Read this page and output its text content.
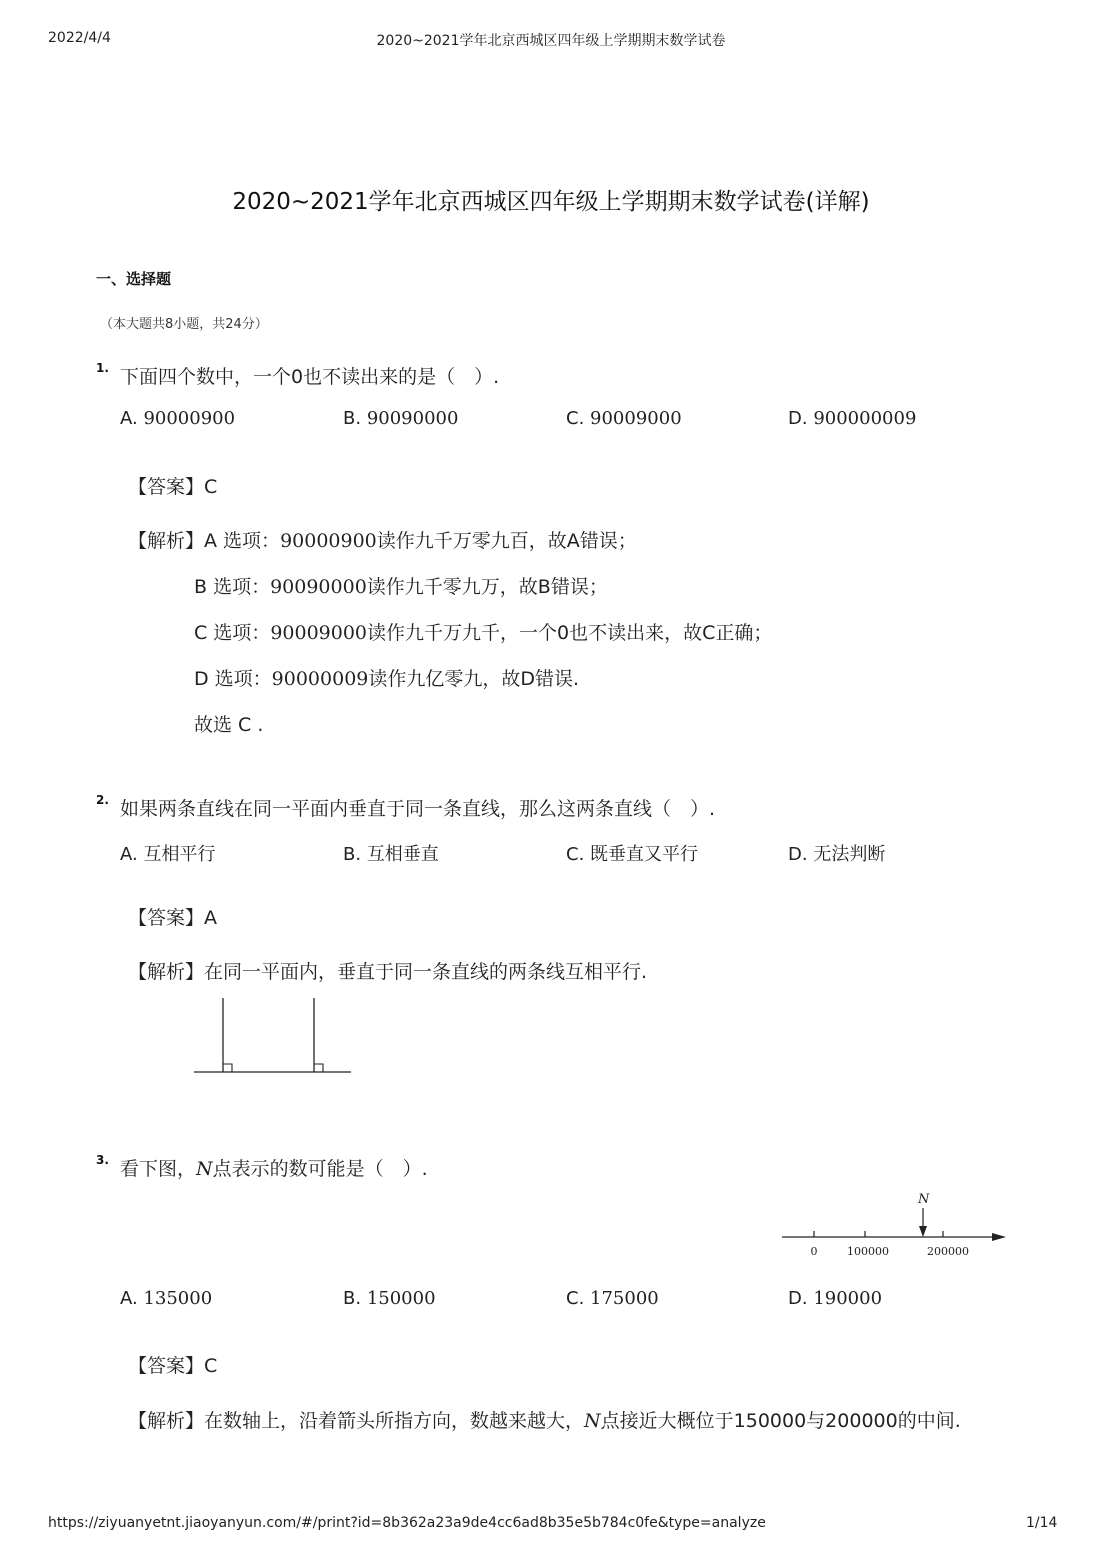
2022/4/4	2020~2021学年北京西城区四年级上学期期末数学试卷
2020~2021学年北京西城区四年级上学期期末数学试卷(详解)
一、选择题
（本大题共8小题，共24分）
1. 下面四个数中，一个0也不读出来的是（　）.
A. 90000900	B. 90090000	C. 90009000	D. 900000009
【答案】C
【解析】A 选项：90000900读作九千万零九百，故A错误；
B 选项：90090000读作九千零九万，故B错误；
C 选项：90009000读作九千万九千，一个0也不读出来，故C正确；
D 选项：90000009读作九亿零九，故D错误.
故选 C .
2. 如果两条直线在同一平面内垂直于同一条直线，那么这两条直线（　）.
A. 互相平行	B. 互相垂直	C. 既垂直又平行	D. 无法判断
【答案】A
【解析】在同一平面内，垂直于同一条直线的两条线互相平行.
3. 看下图，N点表示的数可能是（　）.
N
0	100000	200000
A. 135000	B. 150000	C. 175000	D. 190000
【答案】C
【解析】在数轴上，沿着箭头所指方向，数越来越大，N点接近大概位于150000与200000的中间.
https://ziyuanyetnt.jiaoyanyun.com/#/print?id=8b362a23a9de4cc6ad8b35e5b784c0fe&type=analyze	1/14
